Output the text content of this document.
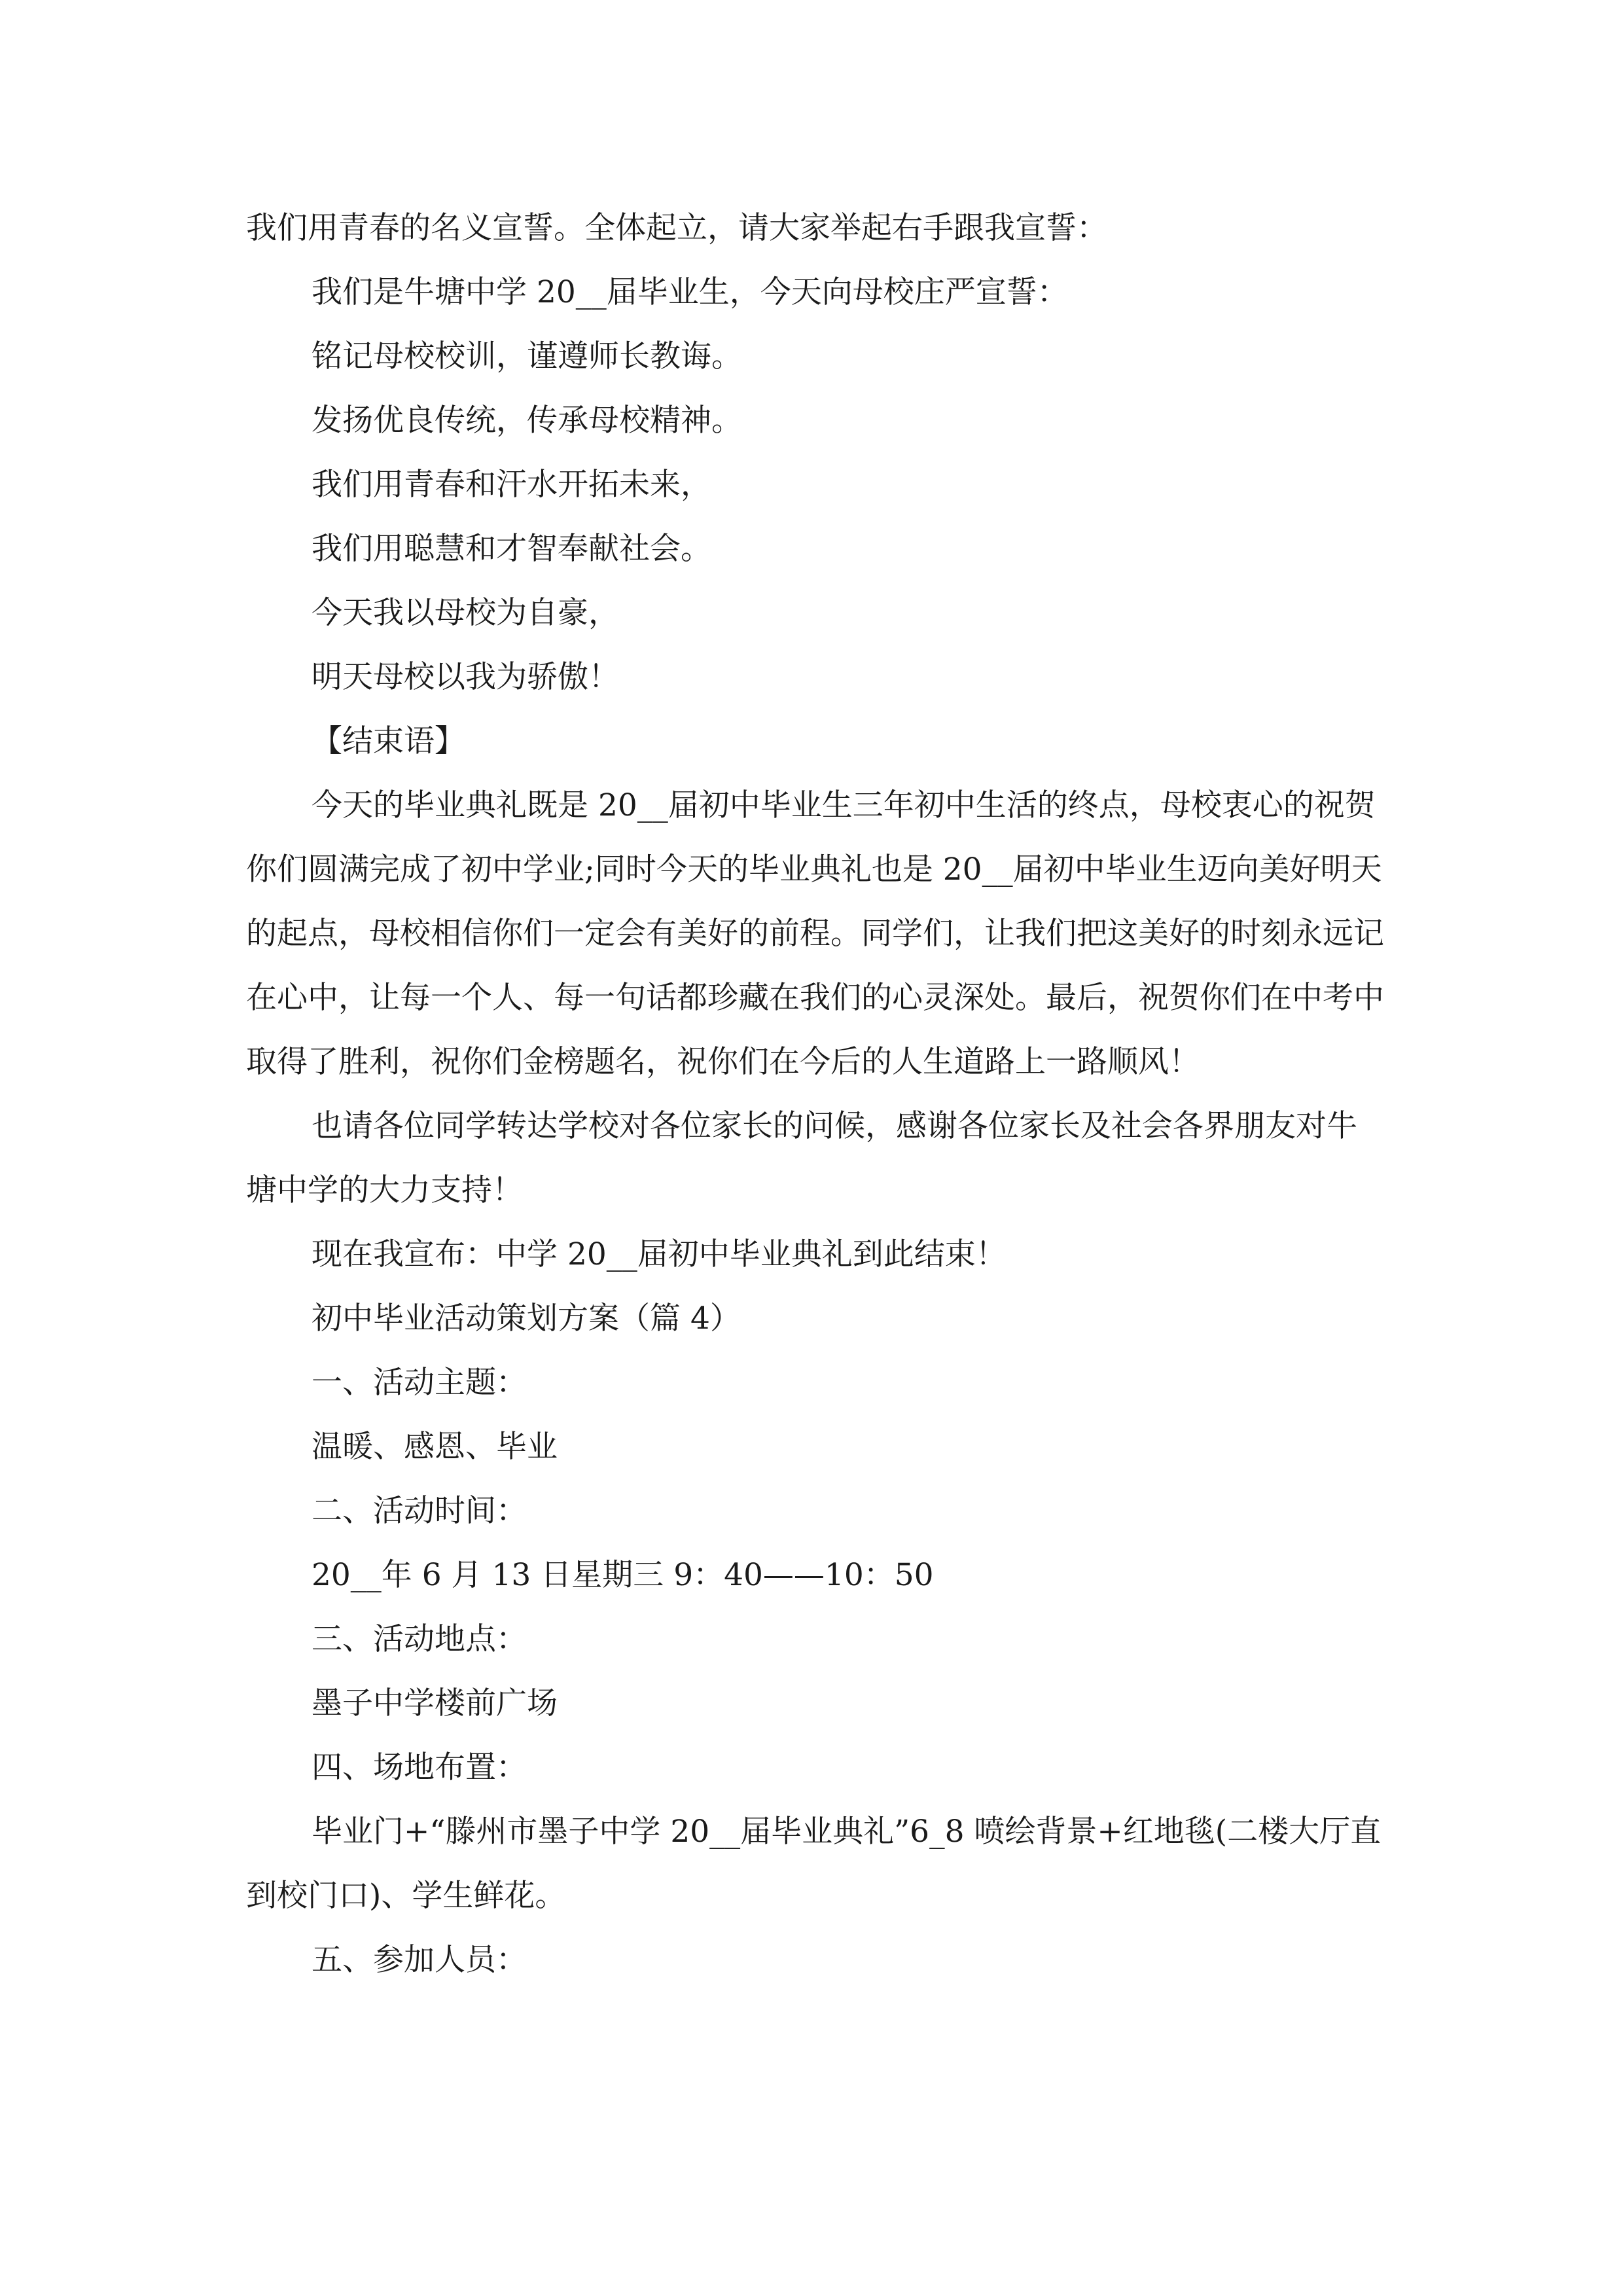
我们用青春的名义宣誓。全体起立，请大家举起右手跟我宣誓：

我们是牛塘中学 20__届毕业生，今天向母校庄严宣誓：

铭记母校校训，谨遵师长教诲。

发扬优良传统，传承母校精神。

我们用青春和汗水开拓未来，

我们用聪慧和才智奉献社会。

今天我以母校为自豪，

明天母校以我为骄傲！

【结束语】

今天的毕业典礼既是 20__届初中毕业生三年初中生活的终点，母校衷心的祝贺你们圆满完成了初中学业;同时今天的毕业典礼也是 20__届初中毕业生迈向美好明天的起点，母校相信你们一定会有美好的前程。同学们，让我们把这美好的时刻永远记在心中，让每一个人、每一句话都珍藏在我们的心灵深处。最后，祝贺你们在中考中取得了胜利，祝你们金榜题名，祝你们在今后的人生道路上一路顺风！

也请各位同学转达学校对各位家长的问候，感谢各位家长及社会各界朋友对牛塘中学的大力支持！

现在我宣布：中学 20__届初中毕业典礼到此结束！

初中毕业活动策划方案（篇 4）

一、活动主题：

温暖、感恩、毕业

二、活动时间：

20__年 6 月 13 日星期三 9：40——10：50

三、活动地点：

墨子中学楼前广场

四、场地布置：

毕业门+“滕州市墨子中学 20__届毕业典礼”6_8 喷绘背景+红地毯(二楼大厅直到校门口)、学生鲜花。

五、参加人员：
